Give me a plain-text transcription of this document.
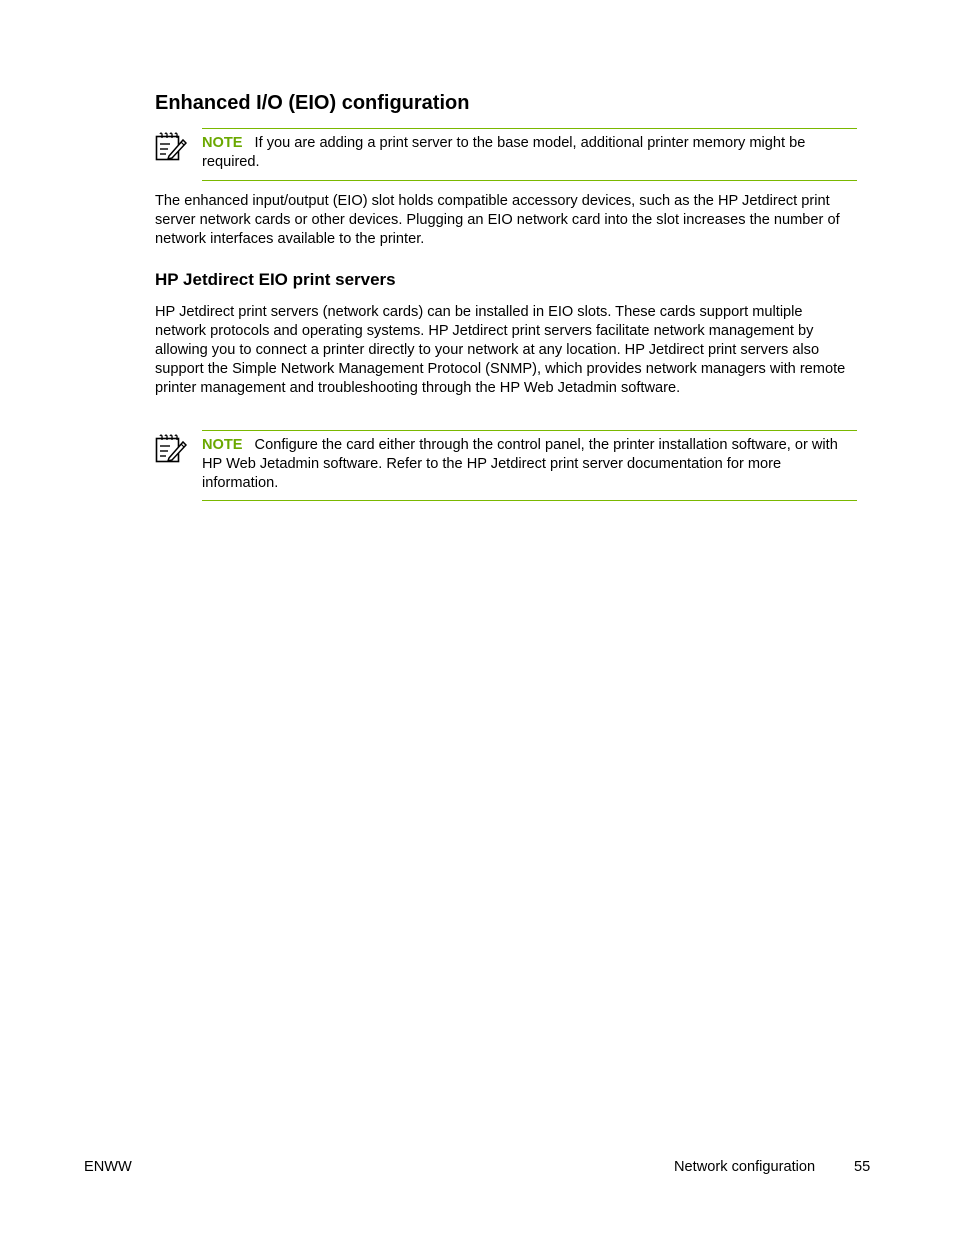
Enhanced I/O (EIO) configuration

NOTE If you are adding a print server to the base model, additional printer memory might be required.

The enhanced input/output (EIO) slot holds compatible accessory devices, such as the HP Jetdirect print server network cards or other devices. Plugging an EIO network card into the slot increases the number of network interfaces available to the printer.

HP Jetdirect EIO print servers

HP Jetdirect print servers (network cards) can be installed in EIO slots. These cards support multiple network protocols and operating systems. HP Jetdirect print servers facilitate network management by allowing you to connect a printer directly to your network at any location. HP Jetdirect print servers also support the Simple Network Management Protocol (SNMP), which provides network managers with remote printer management and troubleshooting through the HP Web Jetadmin software.

NOTE Configure the card either through the control panel, the printer installation software, or with HP Web Jetadmin software. Refer to the HP Jetdirect print server documentation for more information.

ENWW	Network configuration	55
